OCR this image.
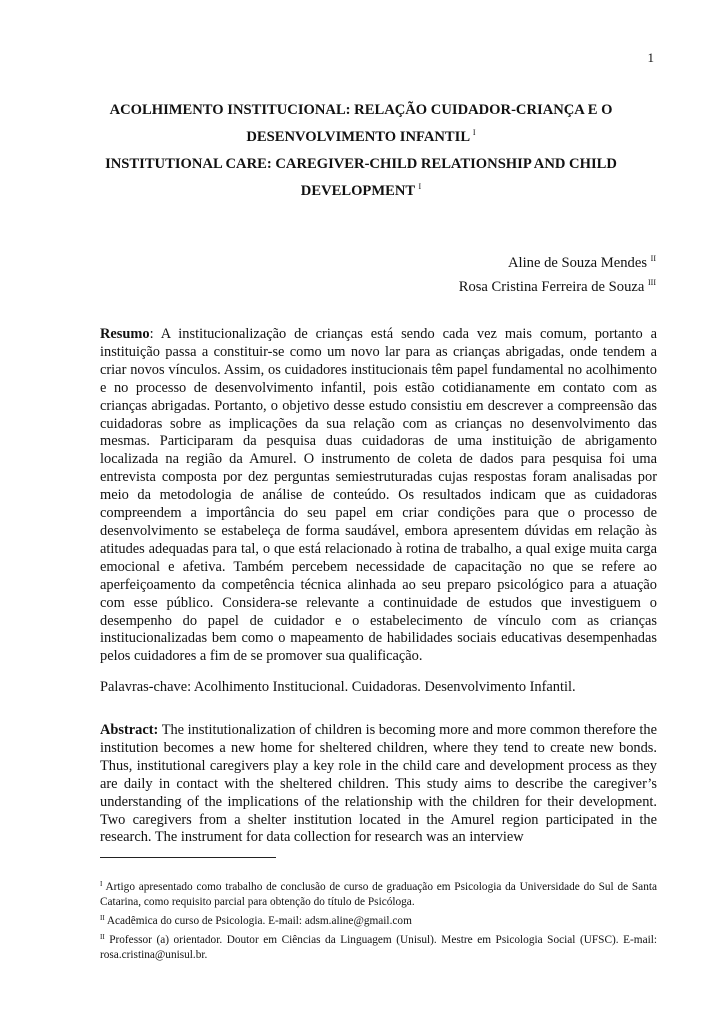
1
ACOLHIMENTO INSTITUCIONAL: RELAÇÃO CUIDADOR-CRIANÇA E O
DESENVOLVIMENTO INFANTIL $^I$
INSTITUTIONAL CARE: CAREGIVER-CHILD RELATIONSHIP AND CHILD
DEVELOPMENT $^I$
Aline de Souza Mendes $^{II}$
Rosa Cristina Ferreira de Souza $^{III}$

Resumo: A institucionalização de crianças está sendo cada vez mais comum, portanto a instituição passa a constituir-se como um novo lar para as crianças abrigadas, onde tendem a criar novos vínculos. Assim, os cuidadores institucionais têm papel fundamental no acolhimento e no processo de desenvolvimento infantil, pois estão cotidianamente em contato com as crianças abrigadas. Portanto, o objetivo desse estudo consistiu em descrever a compreensão das cuidadoras sobre as implicações da sua relação com as crianças no desenvolvimento das mesmas. Participaram da pesquisa duas cuidadoras de uma instituição de abrigamento localizada na região da Amurel. O instrumento de coleta de dados para pesquisa foi uma entrevista composta por dez perguntas semiestruturadas cujas respostas foram analisadas por meio da metodologia de análise de conteúdo. Os resultados indicam que as cuidadoras compreendem a importância do seu papel em criar condições para que o processo de desenvolvimento se estabeleça de forma saudável, embora apresentem dúvidas em relação às atitudes adequadas para tal, o que está relacionado à rotina de trabalho, a qual exige muita carga emocional e afetiva. Também percebem necessidade de capacitação no que se refere ao aperfeiçoamento da competência técnica alinhada ao seu preparo psicológico para a atuação com esse público. Considera-se relevante a continuidade de estudos que investiguem o desempenho do papel de cuidador e o estabelecimento de vínculo com as crianças institucionalizadas bem como o mapeamento de habilidades sociais educativas desempenhadas pelos cuidadores a fim de se promover sua qualificação.

Palavras-chave: Acolhimento Institucional. Cuidadoras. Desenvolvimento Infantil.

Abstract: The institutionalization of children is becoming more and more common therefore the institution becomes a new home for sheltered children, where they tend to create new bonds. Thus, institutional caregivers play a key role in the child care and development process as they are daily in contact with the sheltered children. This study aims to describe the caregiver’s understanding of the implications of the relationship with the children for their development. Two caregivers from a shelter institution located in the Amurel region participated in the research. The instrument for data collection for research was an interview

$^I$ Artigo apresentado como trabalho de conclusão de curso de graduação em Psicologia da Universidade do Sul de Santa Catarina, como requisito parcial para obtenção do título de Psicóloga.
$^{II}$ Acadêmica do curso de Psicologia. E-mail: adsm.aline@gmail.com
$^{II}$ Professor (a) orientador. Doutor em Ciências da Linguagem (Unisul). Mestre em Psicologia Social (UFSC). E-mail: rosa.cristina@unisul.br.
